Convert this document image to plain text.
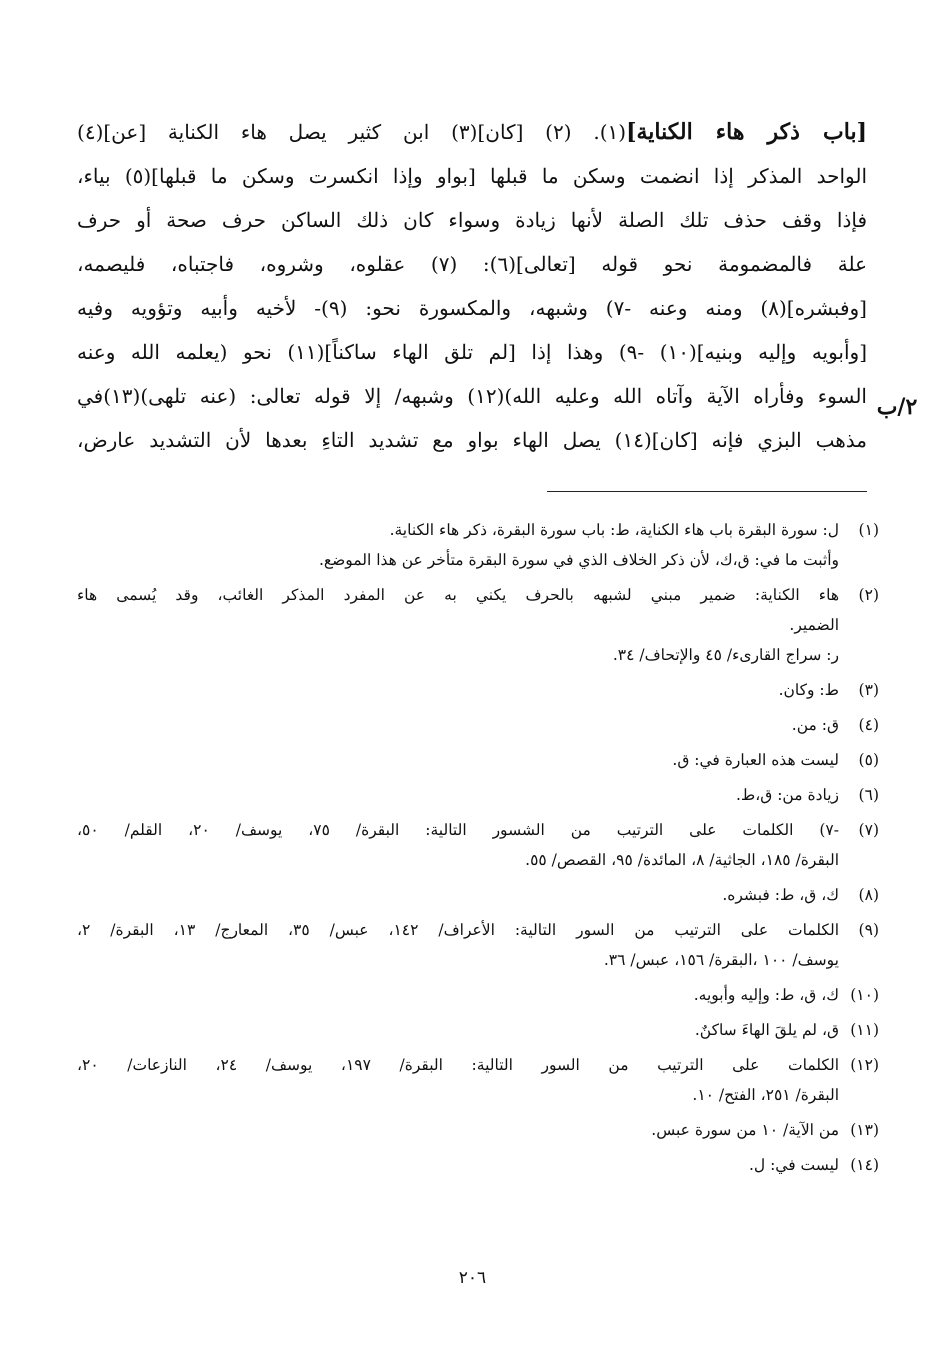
[باب ذكر هاء الكناية](١). (٢) [كان](٣) ابن كثير يصل هاء الكناية [عن](٤)
الواحد المذكر إذا انضمت وسكن ما قبلها [بواو وإذا انكسرت وسكن ما قبلها](٥) بياء،
فإذا وقف حذف تلك الصلة لأنها زيادة وسواء كان ذلك الساكن حرف صحة أو حرف
علة فالمضمومة نحو قوله [تعالى](٦): (٧) عقلوه، وشروه، فاجتباه، فليصمه،
[وفبشره](٨) ومنه وعنه -٧) وشبهه، والمكسورة نحو: (٩)- لأخيه وأبيه وتؤويه وفيه
[وأبويه وإليه وبنيه](١٠) -٩) وهذا إذا [لم تلق الهاء ساكناً](١١) نحو (يعلمه الله وعنه
السوء وفأراه الآية وآتاه الله وعليه الله)(١٢) وشبهه/ إلا قوله تعالى: (عنه تلهى)(١٣)في
مذهب البزي فإنه [كان](١٤) يصل الهاء بواو مع تشديد التاءِ بعدها لأن التشديد عارض،
٢/ب
(١)
ل: سورة البقرة باب هاء الكناية، ط: باب سورة البقرة، ذكر هاء الكناية.
وأثبت ما في: ق،ك، لأن ذكر الخلاف الذي في سورة البقرة متأخر عن هذا الموضع.
(٢)
هاء الكناية: ضمير مبني لشبهه بالحرف يكني به عن المفرد المذكر الغائب، وقد يُسمى هاء
الضمير.
ر: سراج القارىء/ ٤٥ والإتحاف/ ٣٤.
(٣)
ط: وكان.
(٤)
ق: من.
(٥)
ليست هذه العبارة في: ق.
(٦)
زيادة من: ق،ط.
(٧)
-٧) الكلمات على الترتيب من الشسور التالية: البقرة/ ٧٥، يوسف/ ٢٠، القلم/ ٥٠،
البقرة/ ١٨٥، الجاثية/ ٨، المائدة/ ٩٥، القصص/ ٥٥.
(٨)
ك، ق، ط: فبشره.
(٩)
الكلمات على الترتيب من السور التالية: الأعراف/ ١٤٢، عبس/ ٣٥، المعارج/ ١٣، البقرة/ ٢،
يوسف/ ١٠٠ ،البقرة/ ١٥٦، عبس/ ٣٦.
(١٠)
ك، ق، ط: وإليه وأبويه.
(١١)
ق، لم يلقَ الهاءَ ساكنٌ.
(١٢)
الكلمات على الترتيب من السور التالية: البقرة/ ١٩٧، يوسف/ ٢٤، النازعات/ ٢٠،
البقرة/ ٢٥١، الفتح/ ١٠.
(١٣)
من الآية/ ١٠ من سورة عبس.
(١٤)
ليست في: ل.
٢٠٦
